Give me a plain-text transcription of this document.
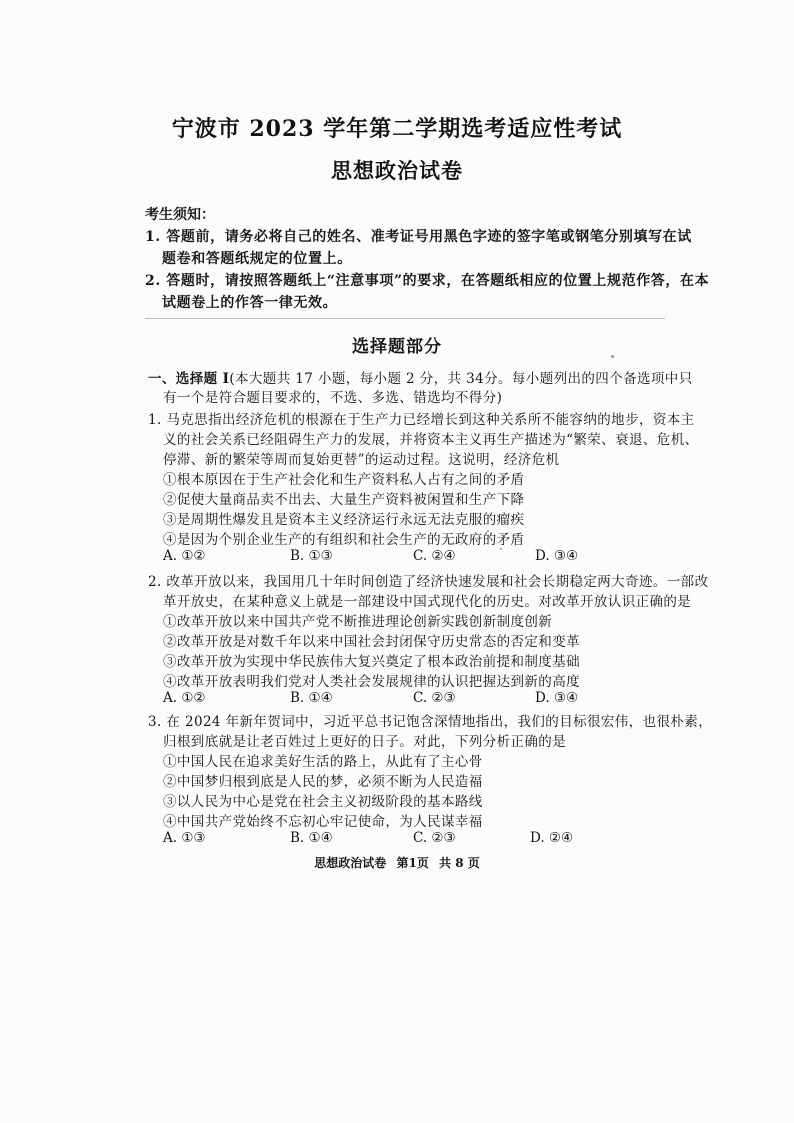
宁波市 2023 学年第二学期选考适应性考试
思想政治试卷
考生须知：
1. 答题前，请务必将自己的姓名、准考证号用黑色字迹的签字笔或钢笔分别填写在试
题卷和答题纸规定的位置上。
2. 答题时，请按照答题纸上“注意事项”的要求，在答题纸相应的位置上规范作答，在本
试题卷上的作答一律无效。
选择题部分
一、选择题 Ⅰ(本大题共 17 小题，每小题 2 分，共 34分。每小题列出的四个备选项中只
有一个是符合题目要求的，不选、多选、错选均不得分)
1. 马克思指出经济危机的根源在于生产力已经增长到这种关系所不能容纳的地步，资本主
义的社会关系已经阻碍生产力的发展，并将资本主义再生产描述为“繁荣、衰退、危机、
停滞、新的繁荣等周而复始更替”的运动过程。这说明，经济危机
①根本原因在于生产社会化和生产资料私人占有之间的矛盾
②促使大量商品卖不出去、大量生产资料被闲置和生产下降
③是周期性爆发且是资本主义经济运行永远无法克服的瘤疾
④是因为个别企业生产的有组织和社会生产的无政府的矛盾
A. ①②	B. ①③	C. ②④	D. ③④
2. 改革开放以来，我国用几十年时间创造了经济快速发展和社会长期稳定两大奇迹。一部改
革开放史，在某种意义上就是一部建设中国式现代化的历史。对改革开放认识正确的是
①改革开放以来中国共产党不断推进理论创新实践创新制度创新
②改革开放是对数千年以来中国社会封闭保守历史常态的否定和变革
③改革开放为实现中华民族伟大复兴奠定了根本政治前提和制度基础
④改革开放表明我们党对人类社会发展规律的认识把握达到新的高度
A. ①②	B. ①④	C. ②③	D. ③④
3. 在 2024 年新年贺词中，习近平总书记饱含深情地指出，我们的目标很宏伟，也很朴素，
归根到底就是让老百姓过上更好的日子。对此，下列分析正确的是
①中国人民在追求美好生活的路上，从此有了主心骨
②中国梦归根到底是人民的梦，必须不断为人民造福
③以人民为中心是党在社会主义初级阶段的基本路线
④中国共产党始终不忘初心牢记使命，为人民谋幸福
A. ①③	B. ①④	C. ②③	D. ②④
思想政治试卷 第1页 共 8 页
